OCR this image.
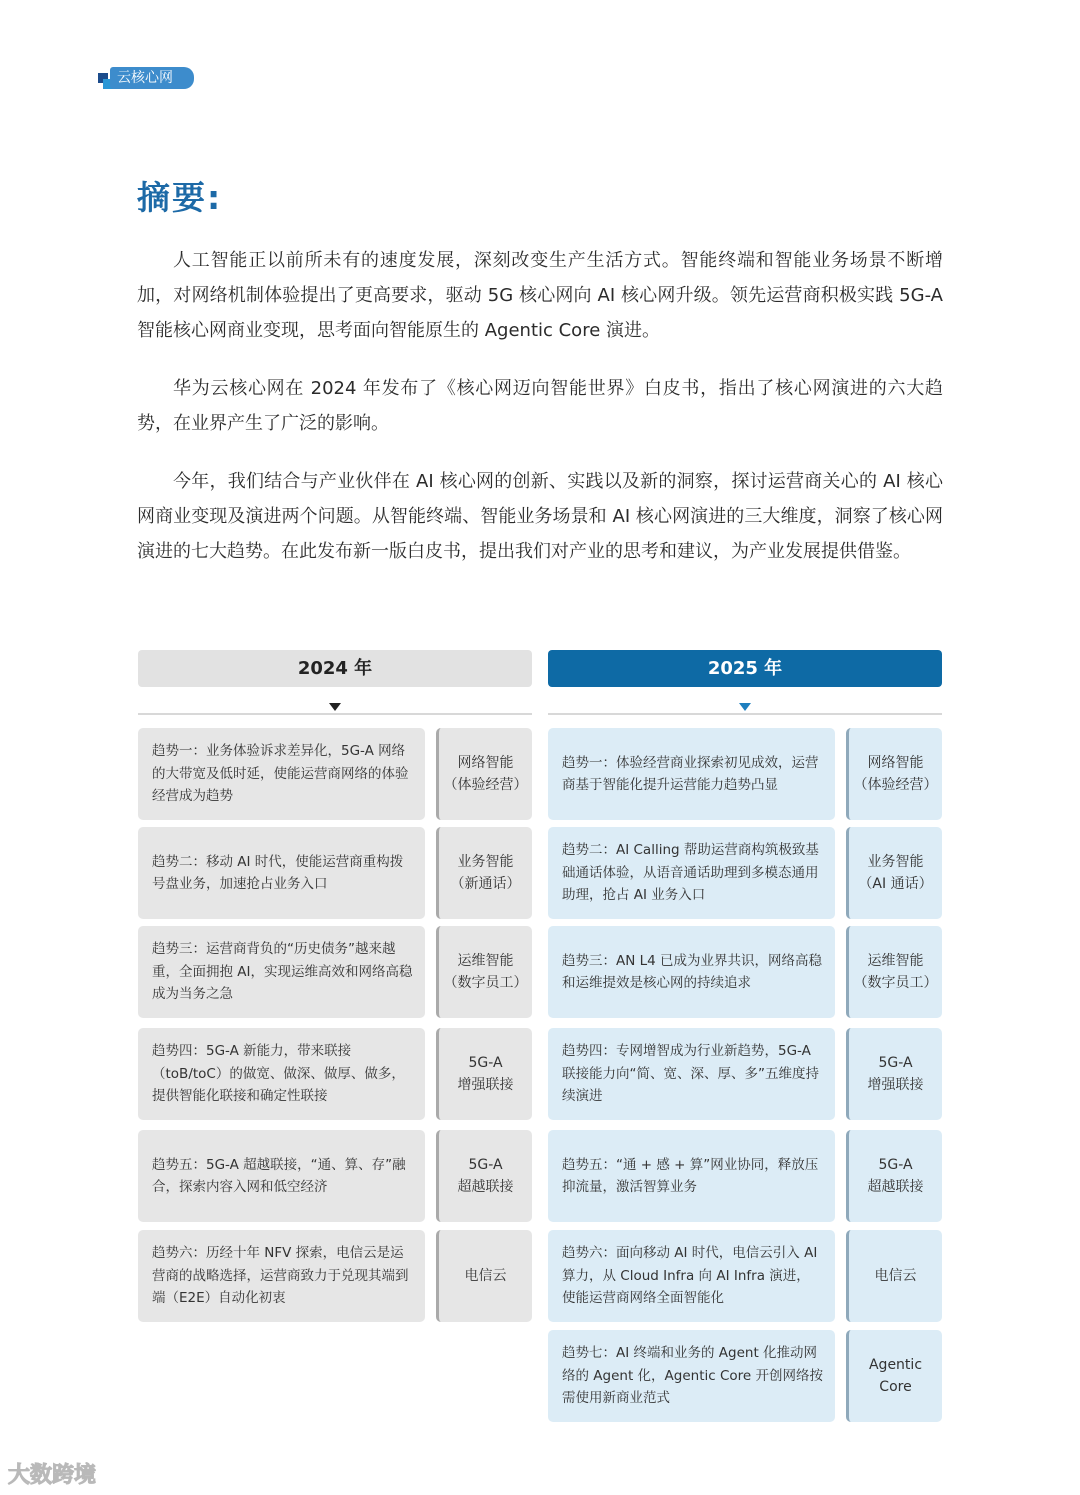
云核心网
摘要:

人工智能正以前所未有的速度发展，深刻改变生产生活方式。智能终端和智能业务场景不断增加，对网络机制体验提出了更高要求，驱动 5G 核心网向 AI 核心网升级。领先运营商积极实践 5G-A 智能核心网商业变现，思考面向智能原生的 Agentic Core 演进。

华为云核心网在 2024 年发布了《核心网迈向智能世界》白皮书，指出了核心网演进的六大趋势，在业界产生了广泛的影响。

今年，我们结合与产业伙伴在 AI 核心网的创新、实践以及新的洞察，探讨运营商关心的 AI 核心网商业变现及演进两个问题。从智能终端、智能业务场景和 AI 核心网演进的三大维度，洞察了核心网演进的七大趋势。在此发布新一版白皮书，提出我们对产业的思考和建议，为产业发展提供借鉴。

2024 年
趋势一：业务体验诉求差异化，5G-A 网络的大带宽及低时延，使能运营商网络的体验经营成为趋势
网络智能
（体验经营）
趋势二：移动 AI 时代，使能运营商重构拨号盘业务，加速抢占业务入口
业务智能
（新通话）
趋势三：运营商背负的“历史债务”越来越重，全面拥抱 AI，实现运维高效和网络高稳成为当务之急
运维智能
（数字员工）
趋势四：5G-A 新能力，带来联接（toB/toC）的做宽、做深、做厚、做多，提供智能化联接和确定性联接
5G-A
增强联接
趋势五：5G-A 超越联接，“通、算、存”融合，探索内容入网和低空经济
5G-A
超越联接
趋势六：历经十年 NFV 探索，电信云是运营商的战略选择，运营商致力于兑现其端到端（E2E）自动化初衷
电信云
2025 年
趋势一：体验经营商业探索初见成效，运营商基于智能化提升运营能力趋势凸显
网络智能
（体验经营）
趋势二：AI Calling 帮助运营商构筑极致基础通话体验，从语音通话助理到多模态通用助理，抢占 AI 业务入口
业务智能
（AI 通话）
趋势三：AN L4 已成为业界共识，网络高稳和运维提效是核心网的持续追求
运维智能
（数字员工）
趋势四：专网增智成为行业新趋势，5G-A 联接能力向“简、宽、深、厚、多”五维度持续演进
5G-A
增强联接
趋势五：“通 + 感 + 算”网业协同，释放压抑流量，激活智算业务
5G-A
超越联接
趋势六：面向移动 AI 时代，电信云引入 AI 算力，从 Cloud Infra 向 AI Infra 演进，使能运营商网络全面智能化
电信云
趋势七：AI 终端和业务的 Agent 化推动网络的 Agent 化，Agentic Core 开创网络按需使用新商业范式
Agentic
Core
大数跨境
